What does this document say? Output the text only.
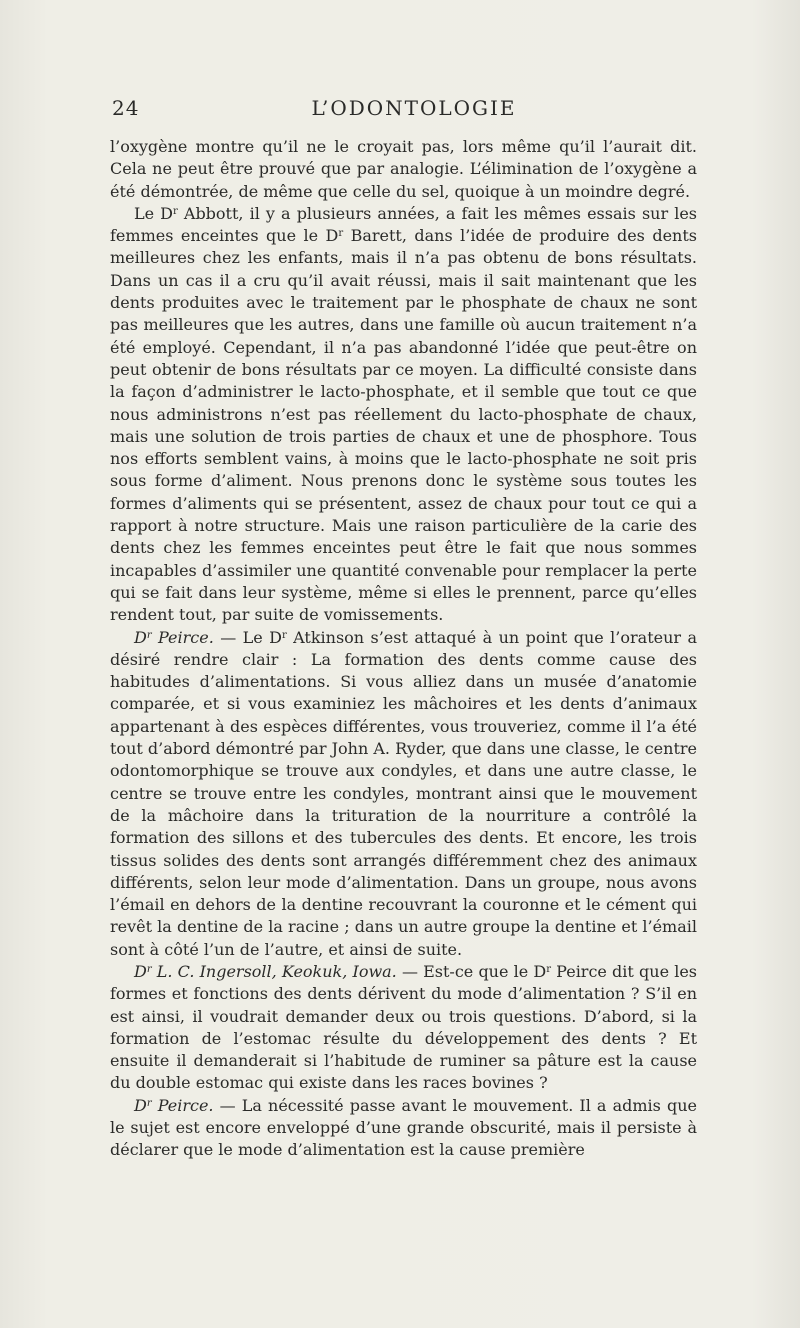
24	L’ODONTOLOGIE

l’oxygène montre qu’il ne le croyait pas, lors même qu’il l’aurait dit. Cela ne peut être prouvé que par analogie. L’élimination de l’oxygène a été démontrée, de même que celle du sel, quoique à un moindre degré.

Le $D^r$ Abbott, il y a plusieurs années, a fait les mêmes essais sur les femmes enceintes que le $D^r$ Barett, dans l’idée de produire des dents meilleures chez les enfants, mais il n’a pas obtenu de bons résultats. Dans un cas il a cru qu’il avait réussi, mais il sait maintenant que les dents produites avec le traitement par le phosphate de chaux ne sont pas meilleures que les autres, dans une famille où aucun traitement n’a été employé. Cependant, il n’a pas abandonné l’idée que peut-être on peut obtenir de bons résultats par ce moyen. La difficulté consiste dans la façon d’administrer le lacto-phosphate, et il semble que tout ce que nous administrons n’est pas réellement du lacto-phosphate de chaux, mais une solution de trois parties de chaux et une de phosphore. Tous nos efforts semblent vains, à moins que le lacto-phosphate ne soit pris sous forme d’aliment. Nous prenons donc le système sous toutes les formes d’aliments qui se présentent, assez de chaux pour tout ce qui a rapport à notre structure. Mais une raison particulière de la carie des dents chez les femmes enceintes peut être le fait que nous sommes incapables d’assimiler une quantité convenable pour remplacer la perte qui se fait dans leur système, même si elles le prennent, parce qu’elles rendent tout, par suite de vomissements.

$D^r$ Peirce. — Le $D^r$ Atkinson s’est attaqué à un point que l’orateur a désiré rendre clair : La formation des dents comme cause des habitudes d’alimentations. Si vous alliez dans un musée d’anatomie comparée, et si vous examiniez les mâchoires et les dents d’animaux appartenant à des espèces différentes, vous trouveriez, comme il l’a été tout d’abord démontré par John A. Ryder, que dans une classe, le centre odontomorphique se trouve aux condyles, et dans une autre classe, le centre se trouve entre les condyles, montrant ainsi que le mouvement de la mâchoire dans la trituration de la nourriture a contrôlé la formation des sillons et des tubercules des dents. Et encore, les trois tissus solides des dents sont arrangés différemment chez des animaux différents, selon leur mode d’alimentation. Dans un groupe, nous avons l’émail en dehors de la dentine recouvrant la couronne et le cément qui revêt la dentine de la racine ; dans un autre groupe la dentine et l’émail sont à côté l’un de l’autre, et ainsi de suite.

$D^r$ L. C. Ingersoll, Keokuk, Iowa. — Est-ce que le $D^r$ Peirce dit que les formes et fonctions des dents dérivent du mode d’alimentation ? S’il en est ainsi, il voudrait demander deux ou trois questions. D’abord, si la formation de l’estomac résulte du développement des dents ? Et ensuite il demanderait si l’habitude de ruminer sa pâture est la cause du double estomac qui existe dans les races bovines ?

$D^r$ Peirce. — La nécessité passe avant le mouvement. Il a admis que le sujet est encore enveloppé d’une grande obscurité, mais il persiste à déclarer que le mode d’alimentation est la cause première
